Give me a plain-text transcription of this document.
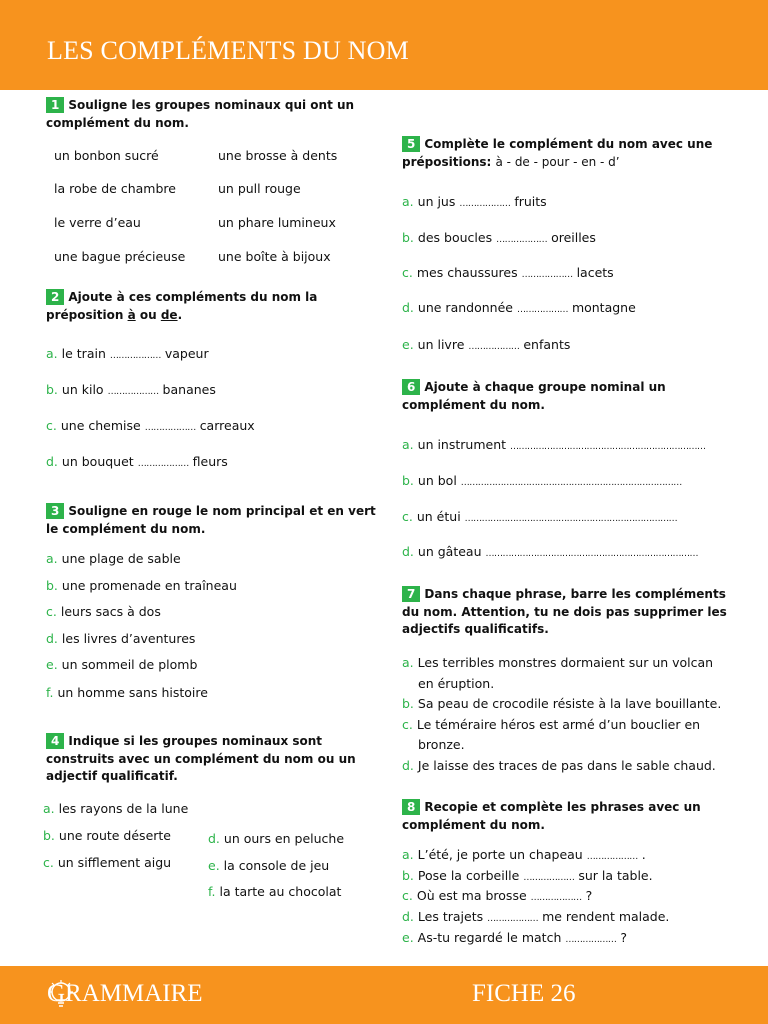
LES COMPLÉMENTS DU NOM
1 Souligne les groupes nominaux qui ont un
complément du nom.
un bonbon sucré	une brosse à dents
la robe de chambre	un pull rouge
le verre d’eau	un phare lumineux
une bague précieuse	une boîte à bijoux
2 Ajoute à ces compléments du nom la
préposition à ou de.
a. le train ……………… vapeur
b. un kilo ……………… bananes
c. une chemise ……………… carreaux
d. un bouquet ……………… fleurs
3 Souligne en rouge le nom principal et en vert
le complément du nom.
a. une plage de sable
b. une promenade en traîneau
c. leurs sacs à dos
d. les livres d’aventures
e. un sommeil de plomb
f. un homme sans histoire
4 Indique si les groupes nominaux sont
construits avec un complément du nom ou un
adjectif qualificatif.
a. les rayons de la lune
b. une route déserte
c. un sifflement aigu
d. un ours en peluche
e. la console de jeu
f. la tarte au chocolat
5 Complète le complément du nom avec une
prépositions: à - de - pour - en - d’
a. un jus ……………… fruits
b. des boucles ……………… oreilles
c. mes chaussures ……………… lacets
d. une randonnée ……………… montagne
e. un livre ……………… enfants
6 Ajoute à chaque groupe nominal un
complément du nom.
a. un instrument ……………………………………………………………
b. un bol ……………………………………………………………………
c. un étui …………………………………………………………………
d. un gâteau …………………………………………………………………
7 Dans chaque phrase, barre les compléments
du nom. Attention, tu ne dois pas supprimer les
adjectifs qualificatifs.
a. Les terribles monstres dormaient sur un volcan
en éruption.
b. Sa peau de crocodile résiste à la lave bouillante.
c. Le téméraire héros est armé d’un bouclier en
bronze.
d. Je laisse des traces de pas dans le sable chaud.
8 Recopie et complète les phrases avec un
complément du nom.
a. L’été, je porte un chapeau ……………… .
b. Pose la corbeille ……………… sur la table.
c. Où est ma brosse ……………… ?
d. Les trajets ……………… me rendent malade.
e. As-tu regardé le match ……………… ?
GRAMMAIRE	FICHE 26
